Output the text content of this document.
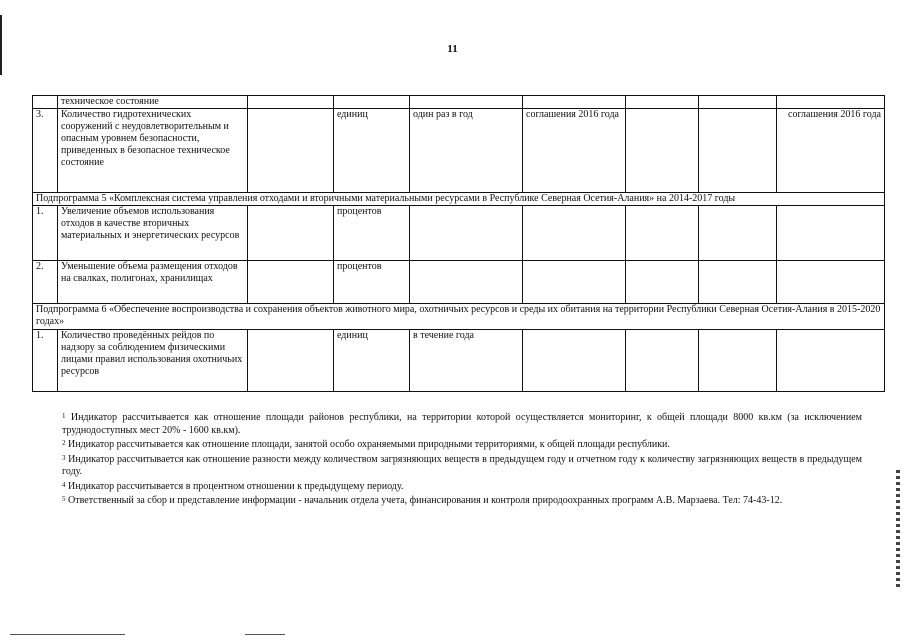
11
	техническое состояние							
3.	Количество гидротехнических сооружений с неудовлетворительным и опасным уровнем безопасности, приведенных в безопасное техническое состояние		единиц	один раз в год	соглашения 2016 года			соглашения 2016 года
Подпрограмма 5 «Комплексная система управления отходами и вторичными материальными ресурсами в Республике Северная Осетия-Алания» на 2014-2017 годы								
1.	Увеличение объемов использования отходов в качестве вторичных материальных и энергетических ресурсов		процентов					
2.	Уменьшение объема размещения отходов на свалках, полигонах, хранилищах		процентов					
Подпрограмма 6 «Обеспечение воспроизводства и сохранения объектов животного мира, охотничьих ресурсов и среды их обитания на территории Республики Северная Осетия-Алания в 2015-2020 годах»								
1.	Количество проведённых рейдов по надзору за соблюдением физическими лицами правил использования охотничьих ресурсов		единиц	в течение года				

$^1$ Индикатор рассчитывается как отношение площади районов республики, на территории которой осуществляется мониторинг, к общей площади 8000 кв.км (за исключением труднодоступных мест 20% - 1600 кв.км).

$^2$ Индикатор рассчитывается как отношение площади, занятой особо охраняемыми природными территориями, к общей площади республики.

$^3$ Индикатор рассчитывается как отношение разности между количеством загрязняющих веществ в предыдущем году и отчетном году к количеству загрязняющих веществ в предыдущем году.

$^4$ Индикатор рассчитывается в процентном отношении к предыдущему периоду.

$^5$ Ответственный за сбор и представление информации - начальник отдела учета, финансирования и контроля природоохранных программ А.В. Марзаева. Тел: 74-43-12.
